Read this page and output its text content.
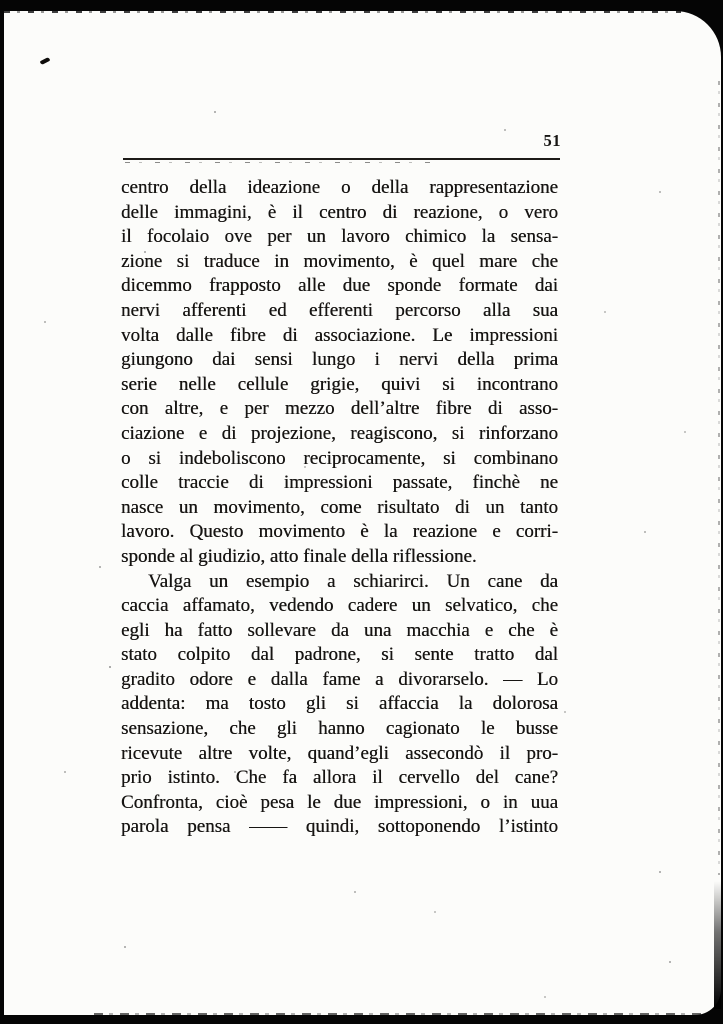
51
centro della ideazione o della rappresentazione
delle immagini, è il centro di reazione, o vero
il focolaio ove per un lavoro chimico la sensa-
zione si traduce in movimento, è quel mare che
dicemmo frapposto alle due sponde formate dai
nervi afferenti ed efferenti percorso alla sua
volta dalle fibre di associazione. Le impressioni
giungono dai sensi lungo i nervi della prima
serie nelle cellule grigie, quivi si incontrano
con altre, e per mezzo dell’altre fibre di asso-
ciazione e di projezione, reagiscono, si rinforzano
o si indeboliscono reciprocamente, si combinano
colle traccie di impressioni passate, finchè ne
nasce un movimento, come risultato di un tanto
lavoro. Questo movimento è la reazione e corri-
sponde al giudizio, atto finale della riflessione.
Valga un esempio a schiarirci. Un cane da
caccia affamato, vedendo cadere un selvatico, che
egli ha fatto sollevare da una macchia e che è
stato colpito dal padrone, si sente tratto dal
gradito odore e dalla fame a divorarselo. — Lo
addenta: ma tosto gli si affaccia la dolorosa
sensazione, che gli hanno cagionato le busse
ricevute altre volte, quand’egli assecondò il pro-
prio istinto. Che fa allora il cervello del cane?
Confronta, cioè pesa le due impressioni, o in uua
parola pensa —— quindi, sottoponendo l’istinto
